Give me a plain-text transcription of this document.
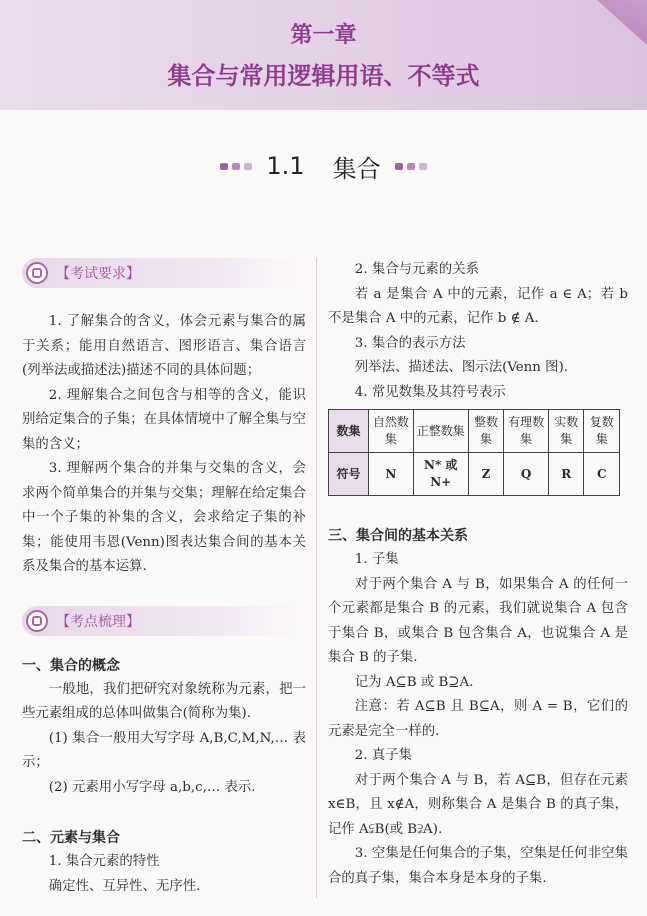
第一章
集合与常用逻辑用语、不等式
1.1 集合
【考试要求】

1. 了解集合的含义，体会元素与集合的属于关系；能用自然语言、图形语言、集合语言(列举法或描述法)描述不同的具体问题；

2. 理解集合之间包含与相等的含义，能识别给定集合的子集；在具体情境中了解全集与空集的含义；

3. 理解两个集合的并集与交集的含义，会求两个简单集合的并集与交集；理解在给定集合中一个子集的补集的含义，会求给定子集的补集；能使用韦恩(Venn)图表达集合间的基本关系及集合的基本运算.

【考点梳理】

一、集合的概念

一般地，我们把研究对象统称为元素，把一些元素组成的总体叫做集合(简称为集).

(1) 集合一般用大写字母 A,B,C,M,N,… 表示；

(2) 元素用小写字母 a,b,c,… 表示.

二、元素与集合

1. 集合元素的特性

确定性、互异性、无序性.

2. 集合与元素的关系

若 a 是集合 A 中的元素，记作 a ∈ A；若 b 不是集合 A 中的元素，记作 b ∉ A.

3. 集合的表示方法

列举法、描述法、图示法(Venn 图).

4. 常见数集及其符号表示

数集	自然数集	正整数集	整数集	有理数集	实数集	复数集
符号	N	N* 或 N+	Z	Q	R	C

三、集合间的基本关系

1. 子集

对于两个集合 A 与 B，如果集合 A 的任何一个元素都是集合 B 的元素，我们就说集合 A 包含于集合 B，或集合 B 包含集合 A，也说集合 A 是集合 B 的子集.

记为 A⊆B 或 B⊇A.

注意：若 A⊆B 且 B⊆A，则 A = B，它们的元素是完全一样的.

2. 真子集

对于两个集合 A 与 B，若 A⊆B，但存在元素 x∈B，且 x∉A，则称集合 A 是集合 B 的真子集，记作 A⫋B(或 B⫌A).

3. 空集是任何集合的子集，空集是任何非空集合的真子集，集合本身是本身的子集.
